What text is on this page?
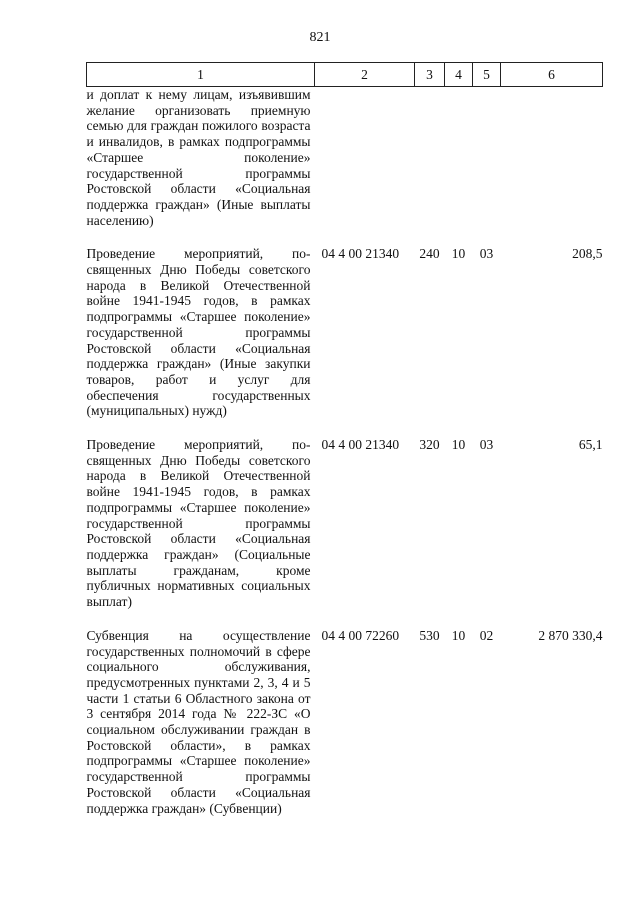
821
1	2	3	4	5	6
и доплат к нему лицам, изъявившим желание организовать приемную семью для граждан пожилого возраста и инвалидов, в рамках подпрограммы «Старшее поколение» государственной программы Ростовской области «Социальная поддержка граждан» (Иные выплаты населению)					
Проведение мероприятий, посвященных Дню Победы советского народа в Великой Отечественной войне 1941-1945 годов, в рамках подпрограммы «Старшее поколение» государственной программы Ростовской области «Социальная поддержка граждан» (Иные закупки товаров, работ и услуг для обеспечения государственных (муниципальных) нужд)	04 4 00 21340	240	10	03	208,5
Проведение мероприятий, посвященных Дню Победы советского народа в Великой Отечественной войне 1941-1945 годов, в рамках подпрограммы «Старшее поколение» государственной программы Ростовской области «Социальная поддержка граждан» (Социальные выплаты гражданам, кроме публичных нормативных социальных выплат)	04 4 00 21340	320	10	03	65,1
Субвенция на осуществление государственных полномочий в сфере социального обслуживания, предусмотренных пунктами 2, 3, 4 и 5 части 1 статьи 6 Областного закона от 3 сентября 2014 года № 222-ЗС «О социальном обслуживании граждан в Ростовской области», в рамках подпрограммы «Старшее поколение» государственной программы Ростовской области «Социальная поддержка граждан» (Субвенции)	04 4 00 72260	530	10	02	2 870 330,4
